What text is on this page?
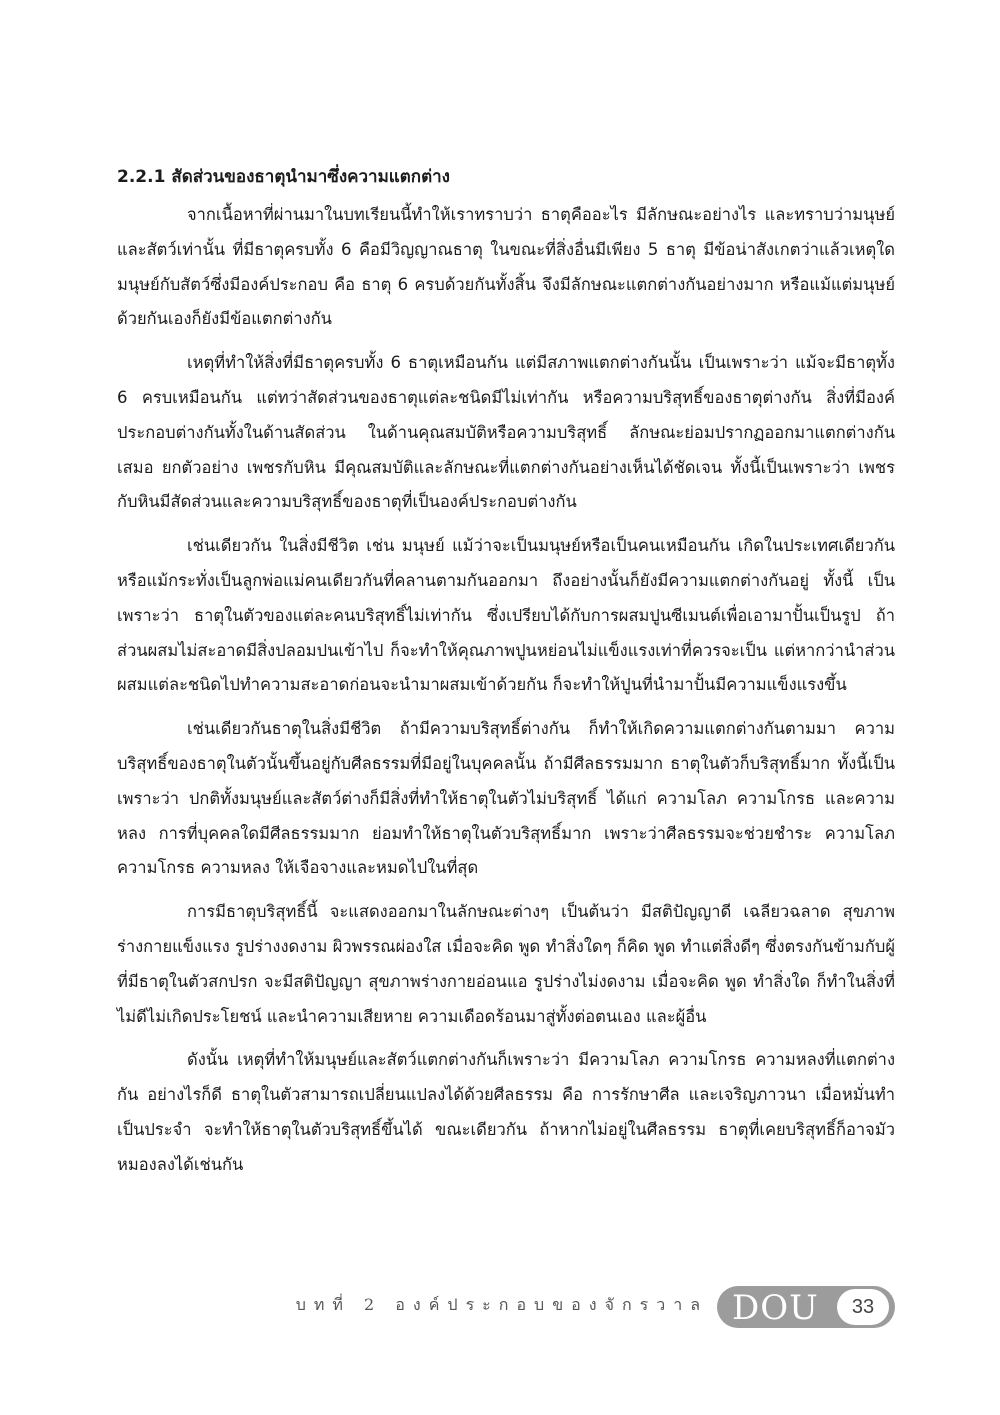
2.2.1 สัดส่วนของธาตุนำมาซึ่งความแตกต่าง

จากเนื้อหาที่ผ่านมาในบทเรียนนี้ทำให้เราทราบว่า ธาตุคืออะไร มีลักษณะอย่างไร และทราบว่ามนุษย์และสัตว์เท่านั้น ที่มีธาตุครบทั้ง 6 คือมีวิญญาณธาตุ ในขณะที่สิ่งอื่นมีเพียง 5 ธาตุ มีข้อน่าสังเกตว่าแล้วเหตุใดมนุษย์กับสัตว์ซึ่งมีองค์ประกอบ คือ ธาตุ 6 ครบด้วยกันทั้งสิ้น จึงมีลักษณะแตกต่างกันอย่างมาก หรือแม้แต่มนุษย์ด้วยกันเองก็ยังมีข้อแตกต่างกัน

เหตุที่ทำให้สิ่งที่มีธาตุครบทั้ง 6 ธาตุเหมือนกัน แต่มีสภาพแตกต่างกันนั้น เป็นเพราะว่า แม้จะมีธาตุทั้ง 6 ครบเหมือนกัน แต่ทว่าสัดส่วนของธาตุแต่ละชนิดมีไม่เท่ากัน หรือความบริสุทธิ์ของธาตุต่างกัน สิ่งที่มีองค์ประกอบต่างกันทั้งในด้านสัดส่วน ในด้านคุณสมบัติหรือความบริสุทธิ์ ลักษณะย่อมปรากฏออกมาแตกต่างกันเสมอ ยกตัวอย่าง เพชรกับหิน มีคุณสมบัติและลักษณะที่แตกต่างกันอย่างเห็นได้ชัดเจน ทั้งนี้เป็นเพราะว่า เพชรกับหินมีสัดส่วนและความบริสุทธิ์ของธาตุที่เป็นองค์ประกอบต่างกัน

เช่นเดียวกัน ในสิ่งมีชีวิต เช่น มนุษย์ แม้ว่าจะเป็นมนุษย์หรือเป็นคนเหมือนกัน เกิดในประเทศเดียวกัน หรือแม้กระทั่งเป็นลูกพ่อแม่คนเดียวกันที่คลานตามกันออกมา ถึงอย่างนั้นก็ยังมีความแตกต่างกันอยู่ ทั้งนี้ เป็นเพราะว่า ธาตุในตัวของแต่ละคนบริสุทธิ์ไม่เท่ากัน ซึ่งเปรียบได้กับการผสมปูนซีเมนต์เพื่อเอามาปั้นเป็นรูป ถ้าส่วนผสมไม่สะอาดมีสิ่งปลอมปนเข้าไป ก็จะทำให้คุณภาพปูนหย่อนไม่แข็งแรงเท่าที่ควรจะเป็น แต่หากว่านำส่วนผสมแต่ละชนิดไปทำความสะอาดก่อนจะนำมาผสมเข้าด้วยกัน ก็จะทำให้ปูนที่นำมาปั้นมีความแข็งแรงขึ้น

เช่นเดียวกันธาตุในสิ่งมีชีวิต ถ้ามีความบริสุทธิ์ต่างกัน ก็ทำให้เกิดความแตกต่างกันตามมา ความบริสุทธิ์ของธาตุในตัวนั้นขึ้นอยู่กับศีลธรรมที่มีอยู่ในบุคคลนั้น ถ้ามีศีลธรรมมาก ธาตุในตัวก็บริสุทธิ์มาก ทั้งนี้เป็นเพราะว่า ปกติทั้งมนุษย์และสัตว์ต่างก็มีสิ่งที่ทำให้ธาตุในตัวไม่บริสุทธิ์ ได้แก่ ความโลภ ความโกรธ และความหลง การที่บุคคลใดมีศีลธรรมมาก ย่อมทำให้ธาตุในตัวบริสุทธิ์มาก เพราะว่าศีลธรรมจะช่วยชำระ ความโลภ ความโกรธ ความหลง ให้เจือจางและหมดไปในที่สุด

การมีธาตุบริสุทธิ์นี้ จะแสดงออกมาในลักษณะต่างๆ เป็นต้นว่า มีสติปัญญาดี เฉลียวฉลาด สุขภาพร่างกายแข็งแรง รูปร่างงดงาม ผิวพรรณผ่องใส เมื่อจะคิด พูด ทำสิ่งใดๆ ก็คิด พูด ทำแต่สิ่งดีๆ ซึ่งตรงกันข้ามกับผู้ที่มีธาตุในตัวสกปรก จะมีสติปัญญา สุขภาพร่างกายอ่อนแอ รูปร่างไม่งดงาม เมื่อจะคิด พูด ทำสิ่งใด ก็ทำในสิ่งที่ไม่ดีไม่เกิดประโยชน์ และนำความเสียหาย ความเดือดร้อนมาสู่ทั้งต่อตนเอง และผู้อื่น

ดังนั้น เหตุที่ทำให้มนุษย์และสัตว์แตกต่างกันก็เพราะว่า มีความโลภ ความโกรธ ความหลงที่แตกต่างกัน อย่างไรก็ดี ธาตุในตัวสามารถเปลี่ยนแปลงได้ด้วยศีลธรรม คือ การรักษาศีล และเจริญภาวนา เมื่อหมั่นทำเป็นประจำ จะทำให้ธาตุในตัวบริสุทธิ์ขึ้นได้ ขณะเดียวกัน ถ้าหากไม่อยู่ในศีลธรรม ธาตุที่เคยบริสุทธิ์ก็อาจมัวหมองลงได้เช่นกัน

บทที่ 2 องค์ประกอบของจักรวาล DOU	33
